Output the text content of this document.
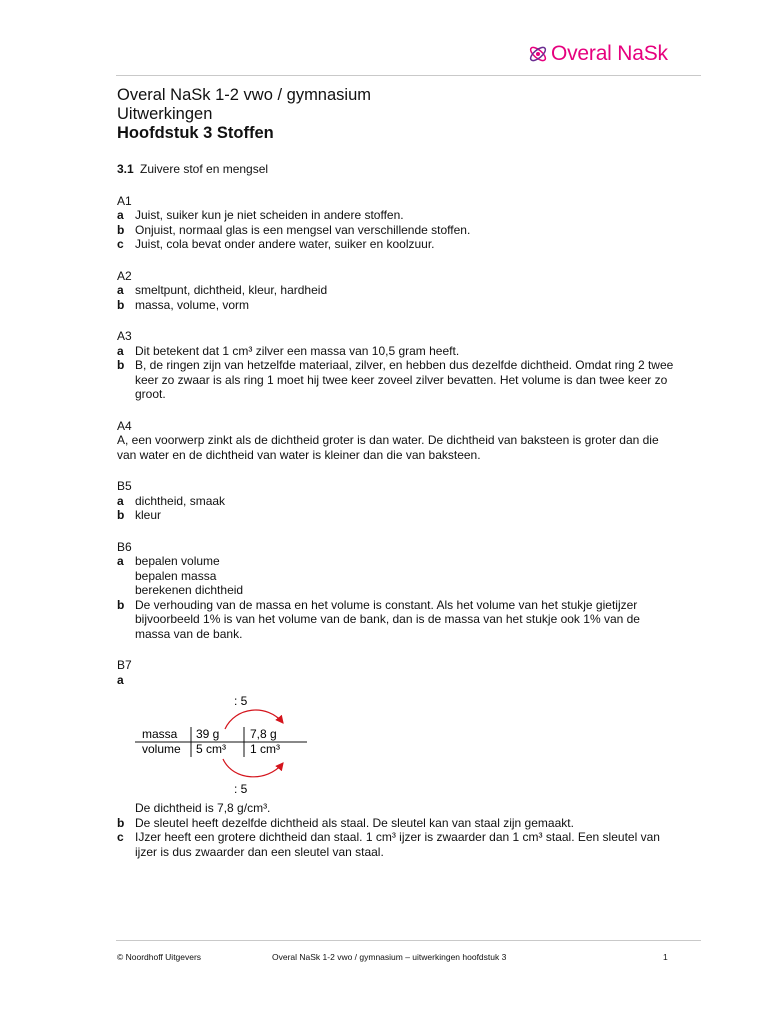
Overal NaSk
Overal NaSk 1-2 vwo / gymnasium
Uitwerkingen
Hoofdstuk 3 Stoffen
3.1 Zuivere stof en mengsel
A1
a Juist, suiker kun je niet scheiden in andere stoffen.
b Onjuist, normaal glas is een mengsel van verschillende stoffen.
c Juist, cola bevat onder andere water, suiker en koolzuur.
A2
a smeltpunt, dichtheid, kleur, hardheid
b massa, volume, vorm
A3
a Dit betekent dat 1 cm³ zilver een massa van 10,5 gram heeft.
b B, de ringen zijn van hetzelfde materiaal, zilver, en hebben dus dezelfde dichtheid. Omdat ring 2 twee keer zo zwaar is als ring 1 moet hij twee keer zoveel zilver bevatten. Het volume is dan twee keer zo groot.
A4
A, een voorwerp zinkt als de dichtheid groter is dan water. De dichtheid van baksteen is groter dan die van water en de dichtheid van water is kleiner dan die van baksteen.
B5
a dichtheid, smaak
b kleur
B6
a bepalen volume
bepalen massa
berekenen dichtheid
b De verhouding van de massa en het volume is constant. Als het volume van het stukje gietijzer bijvoorbeeld 1% is van het volume van de bank, dan is de massa van het stukje ook 1% van de massa van de bank.
B7
a
: 5
massa 39 g	7,8 g
volume 5 cm³ 1 cm³
: 5
De dichtheid is 7,8 g/cm³.
b De sleutel heeft dezelfde dichtheid als staal. De sleutel kan van staal zijn gemaakt.
c IJzer heeft een grotere dichtheid dan staal. 1 cm³ ijzer is zwaarder dan 1 cm³ staal. Een sleutel van ijzer is dus zwaarder dan een sleutel van staal.
© Noordhoff Uitgevers	Overal NaSk 1-2 vwo / gymnasium – uitwerkingen hoofdstuk 3	1
